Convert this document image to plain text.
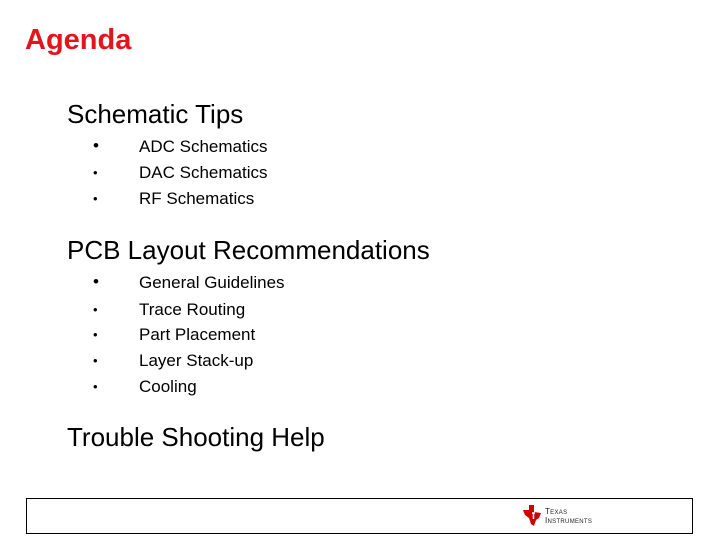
Agenda
Schematic Tips
• ADC Schematics
• DAC Schematics
• RF Schematics
PCB Layout Recommendations
• General Guidelines
• Trace Routing
• Part Placement
• Layer Stack-up
• Cooling
Trouble Shooting Help
Texas
Instruments
